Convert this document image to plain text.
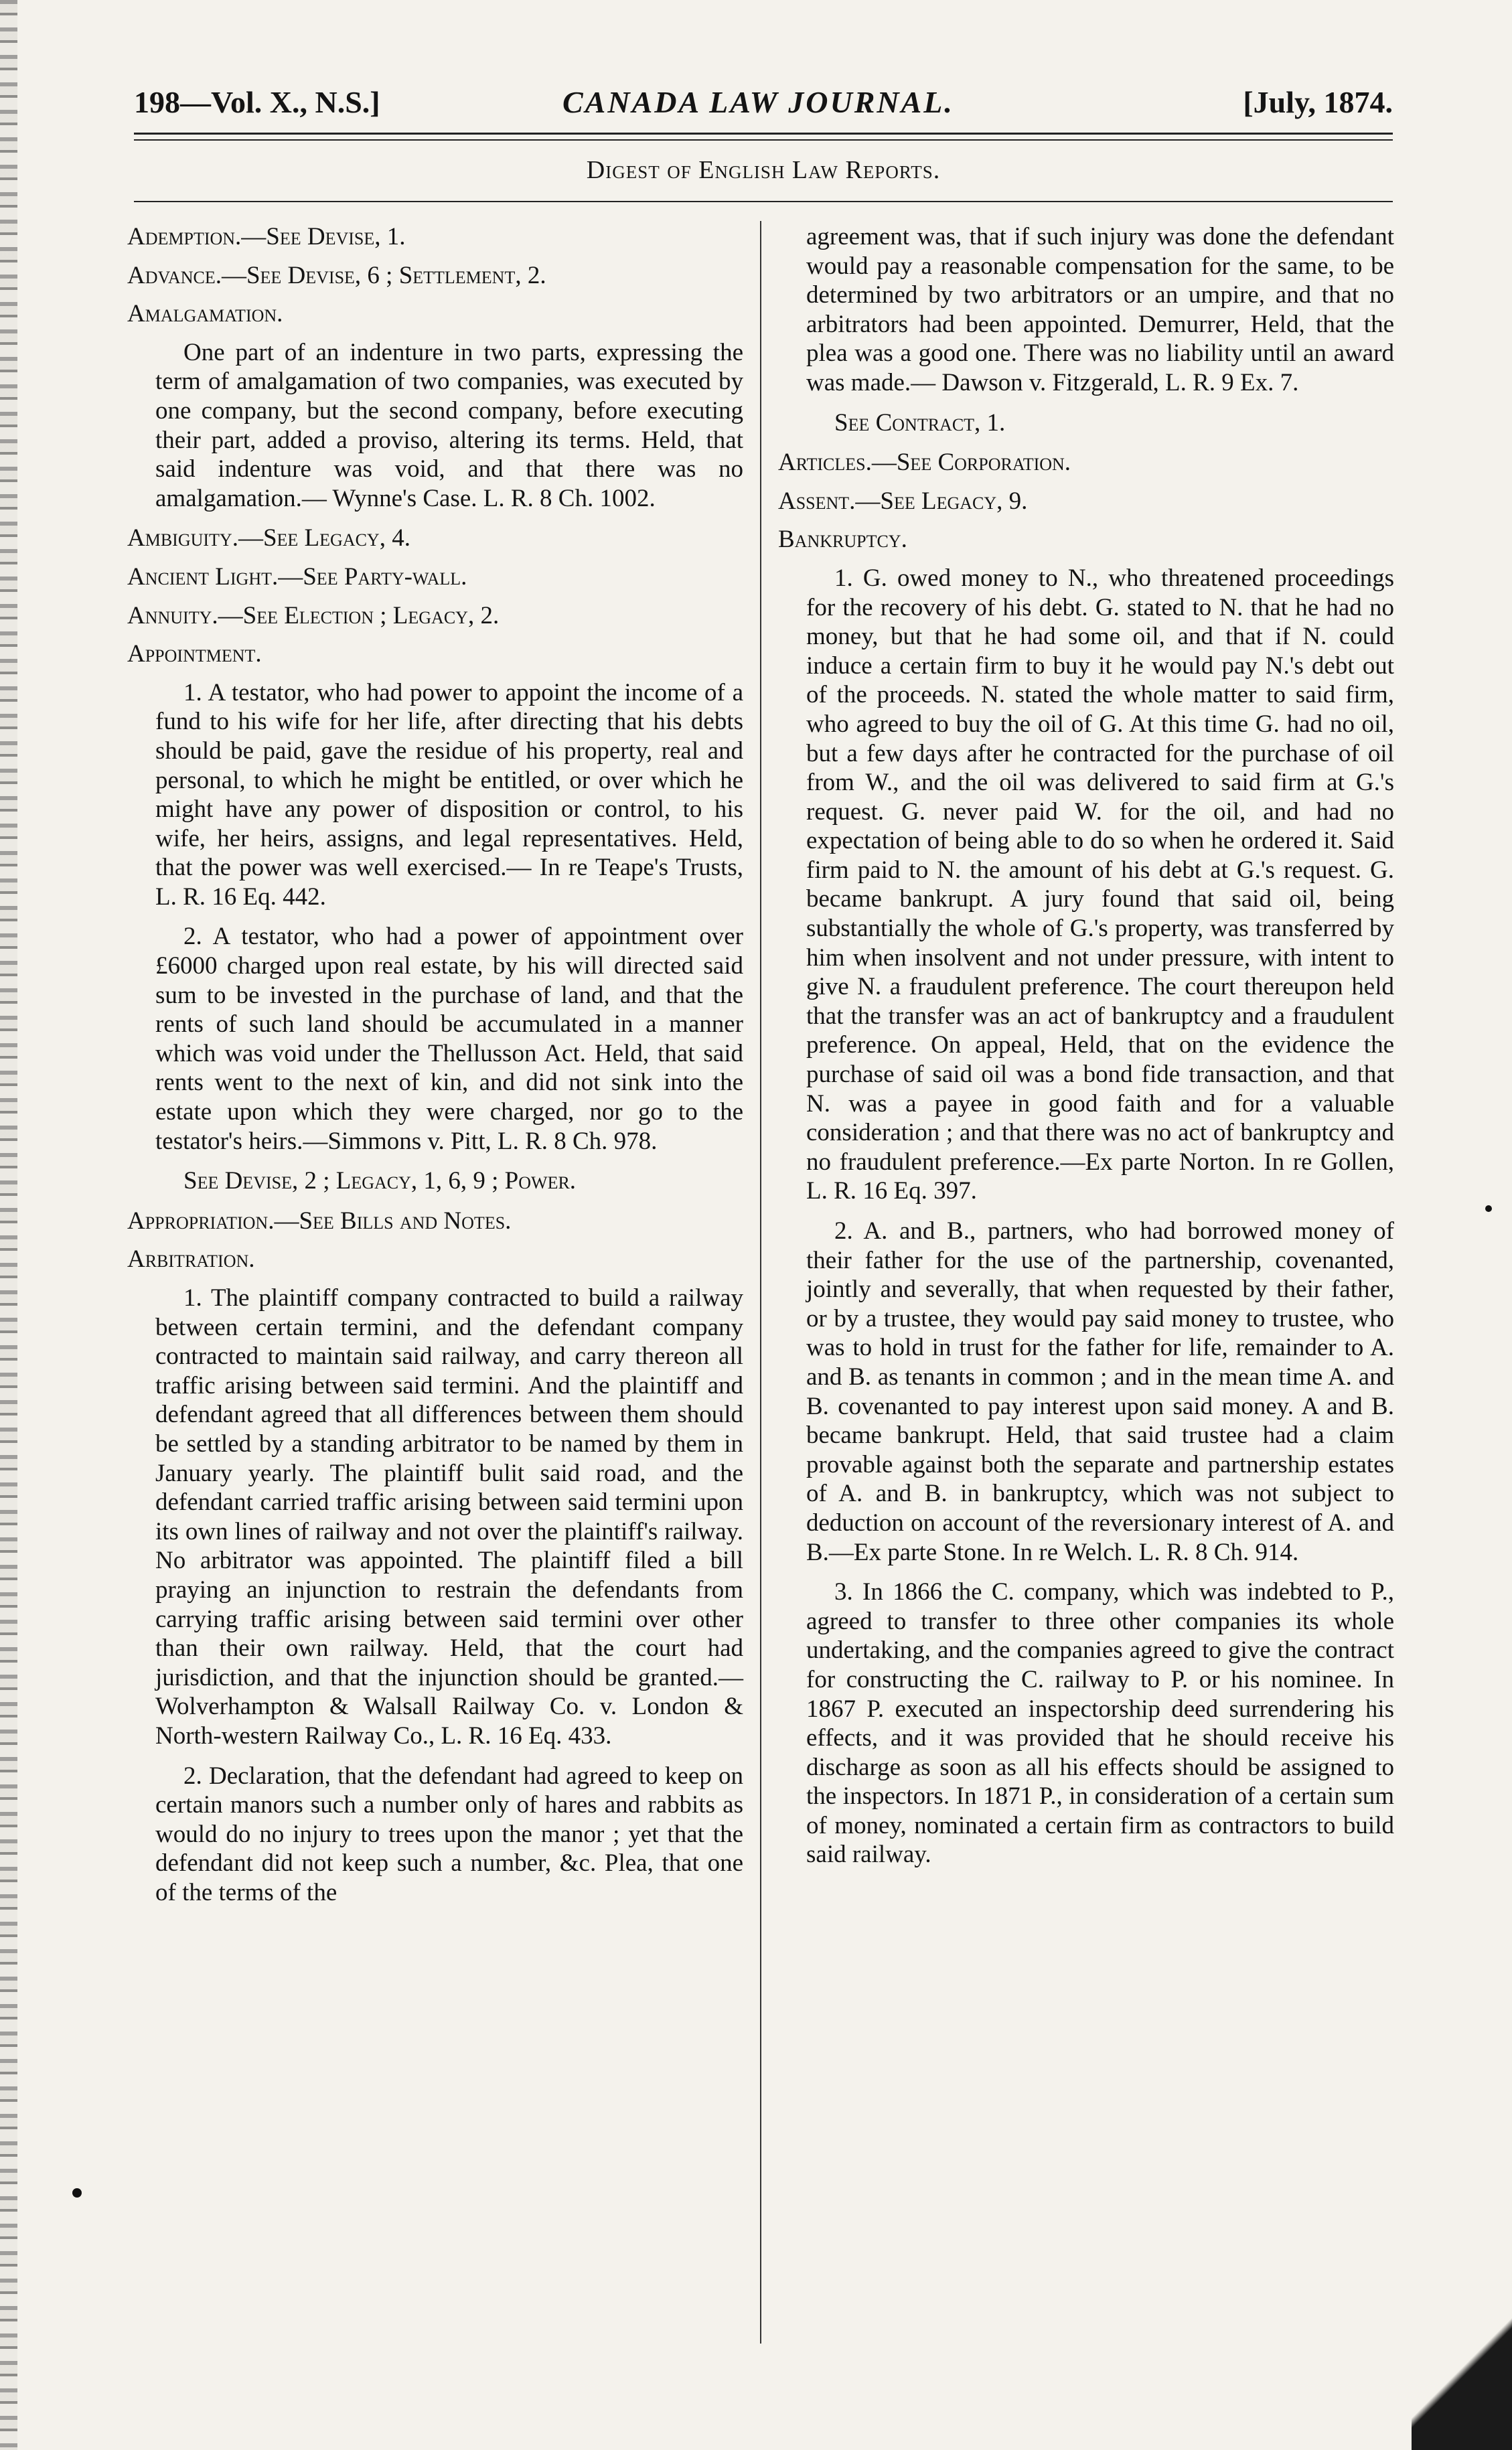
198—Vol. X., N.S.]	CANADA LAW JOURNAL.	[July, 1874.
Digest of English Law Reports.
Ademption.—See Devise, 1.
Advance.—See Devise, 6 ; Settlement, 2.
Amalgamation.
One part of an indenture in two parts, expressing the term of amalgamation of two companies, was executed by one company, but the second company, before executing their part, added a proviso, altering its terms. Held, that said indenture was void, and that there was no amalgamation.— Wynne's Case. L. R. 8 Ch. 1002.
Ambiguity.—See Legacy, 4.
Ancient Light.—See Party-wall.
Annuity.—See Election ; Legacy, 2.
Appointment.
1. A testator, who had power to appoint the income of a fund to his wife for her life, after directing that his debts should be paid, gave the residue of his property, real and personal, to which he might be entitled, or over which he might have any power of disposition or control, to his wife, her heirs, assigns, and legal representatives. Held, that the power was well exercised.— In re Teape's Trusts, L. R. 16 Eq. 442.
2. A testator, who had a power of appointment over £6000 charged upon real estate, by his will directed said sum to be invested in the purchase of land, and that the rents of such land should be accumulated in a manner which was void under the Thellusson Act. Held, that said rents went to the next of kin, and did not sink into the estate upon which they were charged, nor go to the testator's heirs.—Simmons v. Pitt, L. R. 8 Ch. 978.
See Devise, 2 ; Legacy, 1, 6, 9 ; Power.
Appropriation.—See Bills and Notes.
Arbitration.
1. The plaintiff company contracted to build a railway between certain termini, and the defendant company contracted to maintain said railway, and carry thereon all traffic arising between said termini. And the plaintiff and defendant agreed that all differences between them should be settled by a standing arbitrator to be named by them in January yearly. The plaintiff bulit said road, and the defendant carried traffic arising between said termini upon its own lines of railway and not over the plaintiff's railway. No arbitrator was appointed. The plaintiff filed a bill praying an injunction to restrain the defendants from carrying traffic arising between said termini over other than their own railway. Held, that the court had jurisdiction, and that the injunction should be granted.— Wolverhampton & Walsall Railway Co. v. London & North-western Railway Co., L. R. 16 Eq. 433.
2. Declaration, that the defendant had agreed to keep on certain manors such a number only of hares and rabbits as would do no injury to trees upon the manor ; yet that the defendant did not keep such a number, &c. Plea, that one of the terms of the
agreement was, that if such injury was done the defendant would pay a reasonable compensation for the same, to be determined by two arbitrators or an umpire, and that no arbitrators had been appointed. Demurrer, Held, that the plea was a good one. There was no liability until an award was made.— Dawson v. Fitzgerald, L. R. 9 Ex. 7.
See Contract, 1.
Articles.—See Corporation.
Assent.—See Legacy, 9.
Bankruptcy.
1. G. owed money to N., who threatened proceedings for the recovery of his debt. G. stated to N. that he had no money, but that he had some oil, and that if N. could induce a certain firm to buy it he would pay N.'s debt out of the proceeds. N. stated the whole matter to said firm, who agreed to buy the oil of G. At this time G. had no oil, but a few days after he contracted for the purchase of oil from W., and the oil was delivered to said firm at G.'s request. G. never paid W. for the oil, and had no expectation of being able to do so when he ordered it. Said firm paid to N. the amount of his debt at G.'s request. G. became bankrupt. A jury found that said oil, being substantially the whole of G.'s property, was transferred by him when insolvent and not under pressure, with intent to give N. a fraudulent preference. The court thereupon held that the transfer was an act of bankruptcy and a fraudulent preference. On appeal, Held, that on the evidence the purchase of said oil was a bond fide transaction, and that N. was a payee in good faith and for a valuable consideration ; and that there was no act of bankruptcy and no fraudulent preference.—Ex parte Norton. In re Gollen, L. R. 16 Eq. 397.
2. A. and B., partners, who had borrowed money of their father for the use of the partnership, covenanted, jointly and severally, that when requested by their father, or by a trustee, they would pay said money to trustee, who was to hold in trust for the father for life, remainder to A. and B. as tenants in common ; and in the mean time A. and B. covenanted to pay interest upon said money. A and B. became bankrupt. Held, that said trustee had a claim provable against both the separate and partnership estates of A. and B. in bankruptcy, which was not subject to deduction on account of the reversionary interest of A. and B.—Ex parte Stone. In re Welch. L. R. 8 Ch. 914.
3. In 1866 the C. company, which was indebted to P., agreed to transfer to three other companies its whole undertaking, and the companies agreed to give the contract for constructing the C. railway to P. or his nominee. In 1867 P. executed an inspectorship deed surrendering his effects, and it was provided that he should receive his discharge as soon as all his effects should be assigned to the inspectors. In 1871 P., in consideration of a certain sum of money, nominated a certain firm as contractors to build said railway.
